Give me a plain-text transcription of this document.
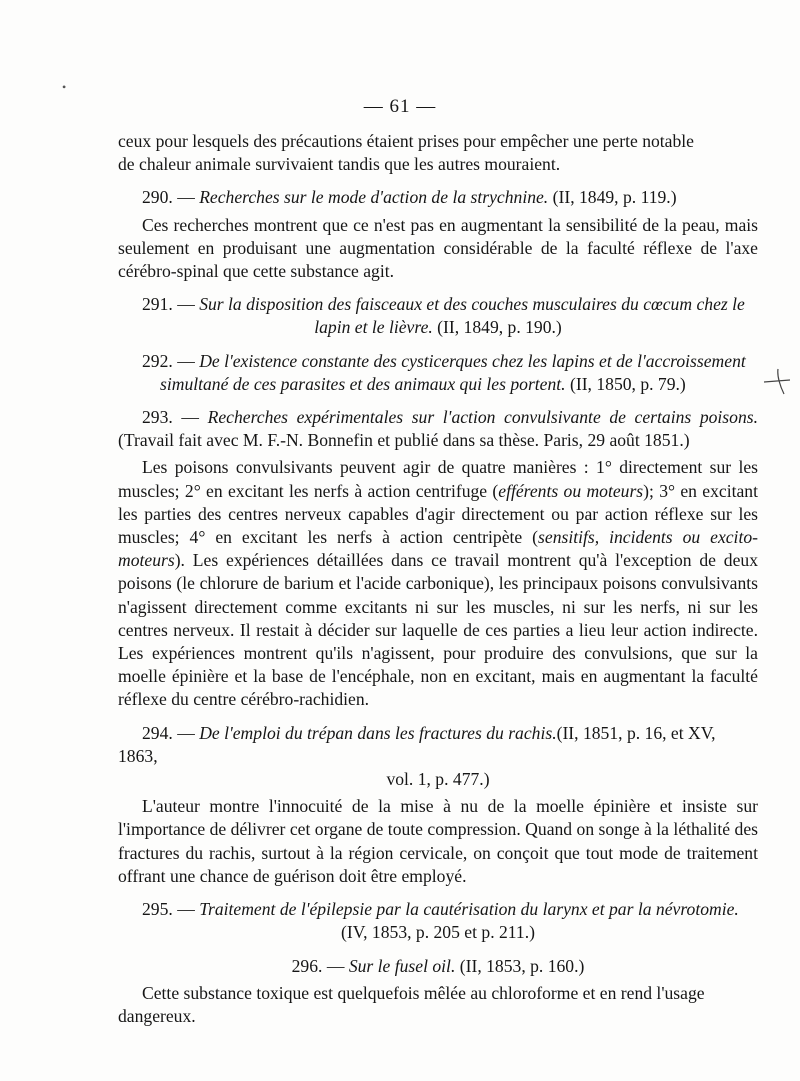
•
— 61 —

ceux pour lesquels des précautions étaient prises pour empêcher une perte notable
de chaleur animale survivaient tandis que les autres mouraient.

290. — Recherches sur le mode d'action de la strychnine. (II, 1849, p. 119.)

Ces recherches montrent que ce n'est pas en augmentant la sensibilité de la peau, mais seulement en produisant une augmentation considérable de la faculté réflexe de l'axe cérébro-spinal que cette substance agit.

291. — Sur la disposition des faisceaux et des couches musculaires du cœcum chez le

lapin et le lièvre. (II, 1849, p. 190.)

292. — De l'existence constante des cysticerques chez les lapins et de l'accroissement

simultané de ces parasites et des animaux qui les portent. (II, 1850, p. 79.)

293. — Recherches expérimentales sur l'action convulsivante de certains poisons. (Travail fait avec M. F.-N. Bonnefin et publié dans sa thèse. Paris, 29 août 1851.)

Les poisons convulsivants peuvent agir de quatre manières : 1° directement sur les muscles; 2° en excitant les nerfs à action centrifuge (efférents ou moteurs); 3° en excitant les parties des centres nerveux capables d'agir directement ou par action réflexe sur les muscles; 4° en excitant les nerfs à action centripète (sensitifs, incidents ou excito-moteurs). Les expériences détaillées dans ce travail montrent qu'à l'exception de deux poisons (le chlorure de barium et l'acide carbonique), les principaux poisons convulsivants n'agissent directement comme excitants ni sur les muscles, ni sur les nerfs, ni sur les centres nerveux. Il restait à décider sur laquelle de ces parties a lieu leur action indirecte. Les expériences montrent qu'ils n'agissent, pour produire des convulsions, que sur la moelle épinière et la base de l'encéphale, non en excitant, mais en augmentant la faculté réflexe du centre cérébro-rachidien.

294. — De l'emploi du trépan dans les fractures du rachis.(II, 1851, p. 16, et XV, 1863,

vol. 1, p. 477.)

L'auteur montre l'innocuité de la mise à nu de la moelle épinière et insiste sur l'importance de délivrer cet organe de toute compression. Quand on songe à la léthalité des fractures du rachis, surtout à la région cervicale, on conçoit que tout mode de traitement offrant une chance de guérison doit être employé.

295. — Traitement de l'épilepsie par la cautérisation du larynx et par la névrotomie.

(IV, 1853, p. 205 et p. 211.)

296. — Sur le fusel oil. (II, 1853, p. 160.)

Cette substance toxique est quelquefois mêlée au chloroforme et en rend l'usage dangereux.
